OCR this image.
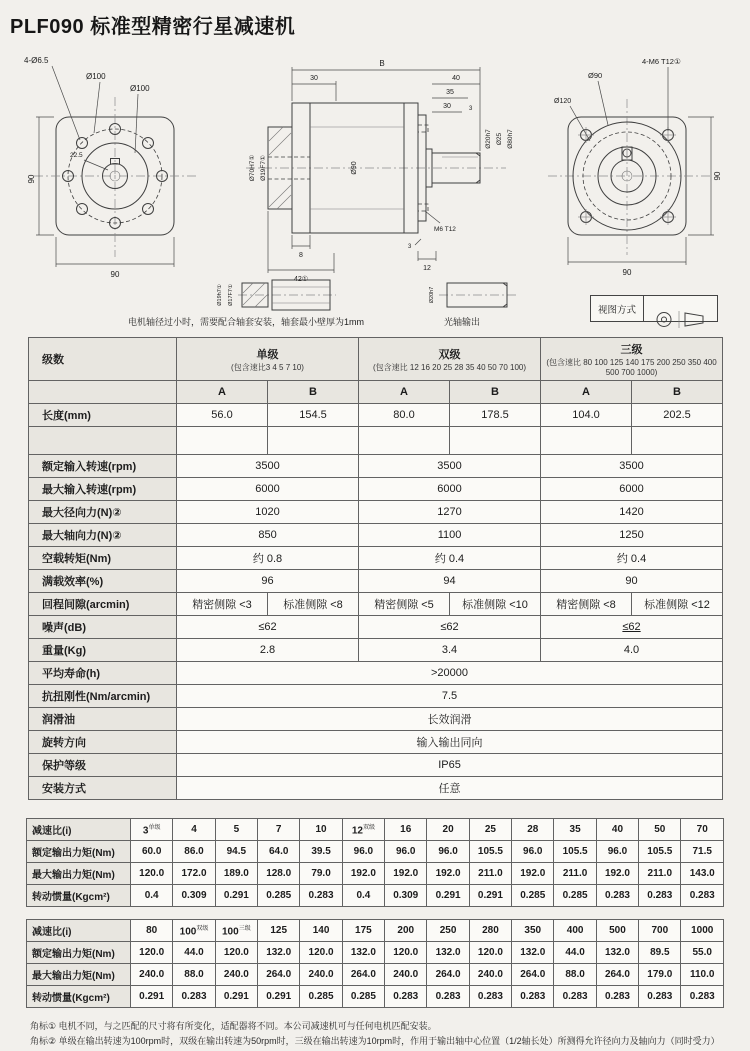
PLF090 标准型精密行星减速机
4-Ø6.5
Ø100
Ø100
22.5
90
90
B
30	40
35
30	3
Ø70H7① Ø19F7①	Ø90
Ø20h7 Ø25 Ø80h7
M6 T12
8
3
12
42①
4-M6 T12①
Ø90
Ø120
90
90
Ø19h7① Ø17F7①	Ø20h7
电机轴径过小时，需要配合轴套安装，轴套最小壁厚为1mm	光轴输出
视图方式
级数	单级
(包含速比3 4 5 7 10)

双级
(包含速比 12 16 20 25 28 35 40 50 70 100)

三级
(包含速比 80 100 125 140 175 200 250 350 400 500 700 1000)

	A	B	A	B	A	B
长度(mm)	56.0	154.5	80.0	178.5	104.0	202.5

额定输入转速(rpm)	3500		3500		3500	
最大输入转速(rpm)	6000		6000		6000	
最大径向力(N)②	1020		1270		1420	
最大轴向力(N)②	850		1100		1250	
空载转矩(Nm)	约 0.8		约 0.4		约 0.4	
满载效率(%)	96		94		90	
回程间隙(arcmin)	精密侧隙 <3	标准侧隙 <8	精密侧隙 <5	标准侧隙 <10	精密侧隙 <8	标准侧隙 <12
噪声(dB)	≤62		≤62		≤62	
重量(Kg)	2.8		3.4		4.0	
平均寿命(h)	>20000					
抗扭刚性(Nm/arcmin)	7.5					
润滑油	长效润滑					
旋转方向	输入输出同向					
保护等级	IP65					
安装方式	任意					
减速比(i)	$3^{单级}$	4	5	7	10	$12^{双级}$	16	20	25	28	35	40	50	70
额定输出力矩(Nm)	60.0	86.0	94.5	64.0	39.5	96.0	96.0	96.0	105.5	96.0	105.5	96.0	105.5	71.5
最大输出力矩(Nm)	120.0	172.0	189.0	128.0	79.0	192.0	192.0	192.0	211.0	192.0	211.0	192.0	211.0	143.0
转动惯量(Kgcm²)	0.4	0.309	0.291	0.285	0.283	0.4	0.309	0.291	0.291	0.285	0.285	0.283	0.283	0.283
减速比(i)	80	$100^{双级}$	$100^{三级}$	125	140	175	200	250	280	350	400	500	700	1000
额定输出力矩(Nm)	120.0	44.0	120.0	132.0	120.0	132.0	120.0	132.0	120.0	132.0	44.0	132.0	89.5	55.0
最大输出力矩(Nm)	240.0	88.0	240.0	264.0	240.0	264.0	240.0	264.0	240.0	264.0	88.0	264.0	179.0	110.0
转动惯量(Kgcm²)	0.291	0.283	0.291	0.291	0.285	0.285	0.283	0.283	0.283	0.283	0.283	0.283	0.283	0.283
角标① 电机不同，与之匹配的尺寸将有所变化，适配器将不同。本公司减速机可与任何电机匹配安装。
角标② 单级在输出转速为100rpm时，双级在输出转速为50rpm时，三级在输出转速为10rpm时，作用于输出轴中心位置（1/2轴长处）所测得允许径向力及轴向力（同时受力）
